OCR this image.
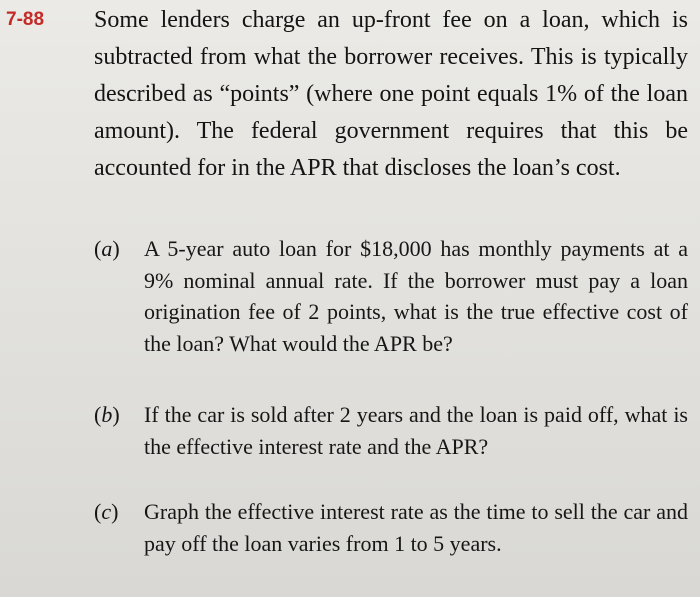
7-88 Some lenders charge an up-front fee on a loan, which is subtracted from what the borrower receives. This is typically described as “points” (where one point equals 1% of the loan amount). The federal government requires that this be accounted for in the APR that discloses the loan’s cost.
(a)	A 5-year auto loan for $18,000 has monthly payments at a 9% nominal annual rate. If the borrower must pay a loan origination fee of 2 points, what is the true effective cost of the loan? What would the APR be?
(b)	If the car is sold after 2 years and the loan is paid off, what is the effective interest rate and the APR?
(c)	Graph the effective interest rate as the time to sell the car and pay off the loan varies from 1 to 5 years.
